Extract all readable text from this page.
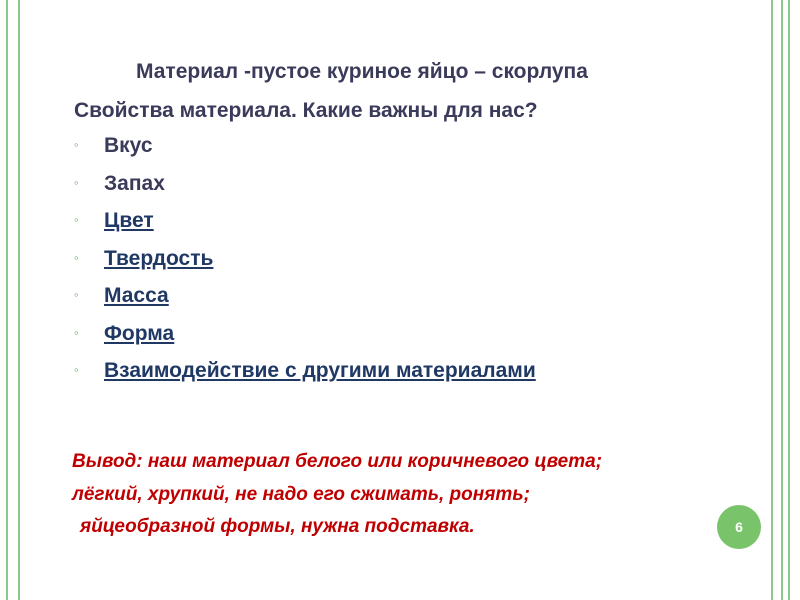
Материал -пустое куриное яйцо – скорлупа
Свойства материала. Какие важны для нас?
◦ Вкус
◦ Запах
◦ Цвет
◦ Твердость
◦ Масса
◦ Форма
◦ Взаимодействие с другими материалами
Вывод: наш материал белого или коричневого цвета;
лёгкий, хрупкий, не надо его сжимать, ронять;
яйцеобразной формы, нужна подставка.	6
